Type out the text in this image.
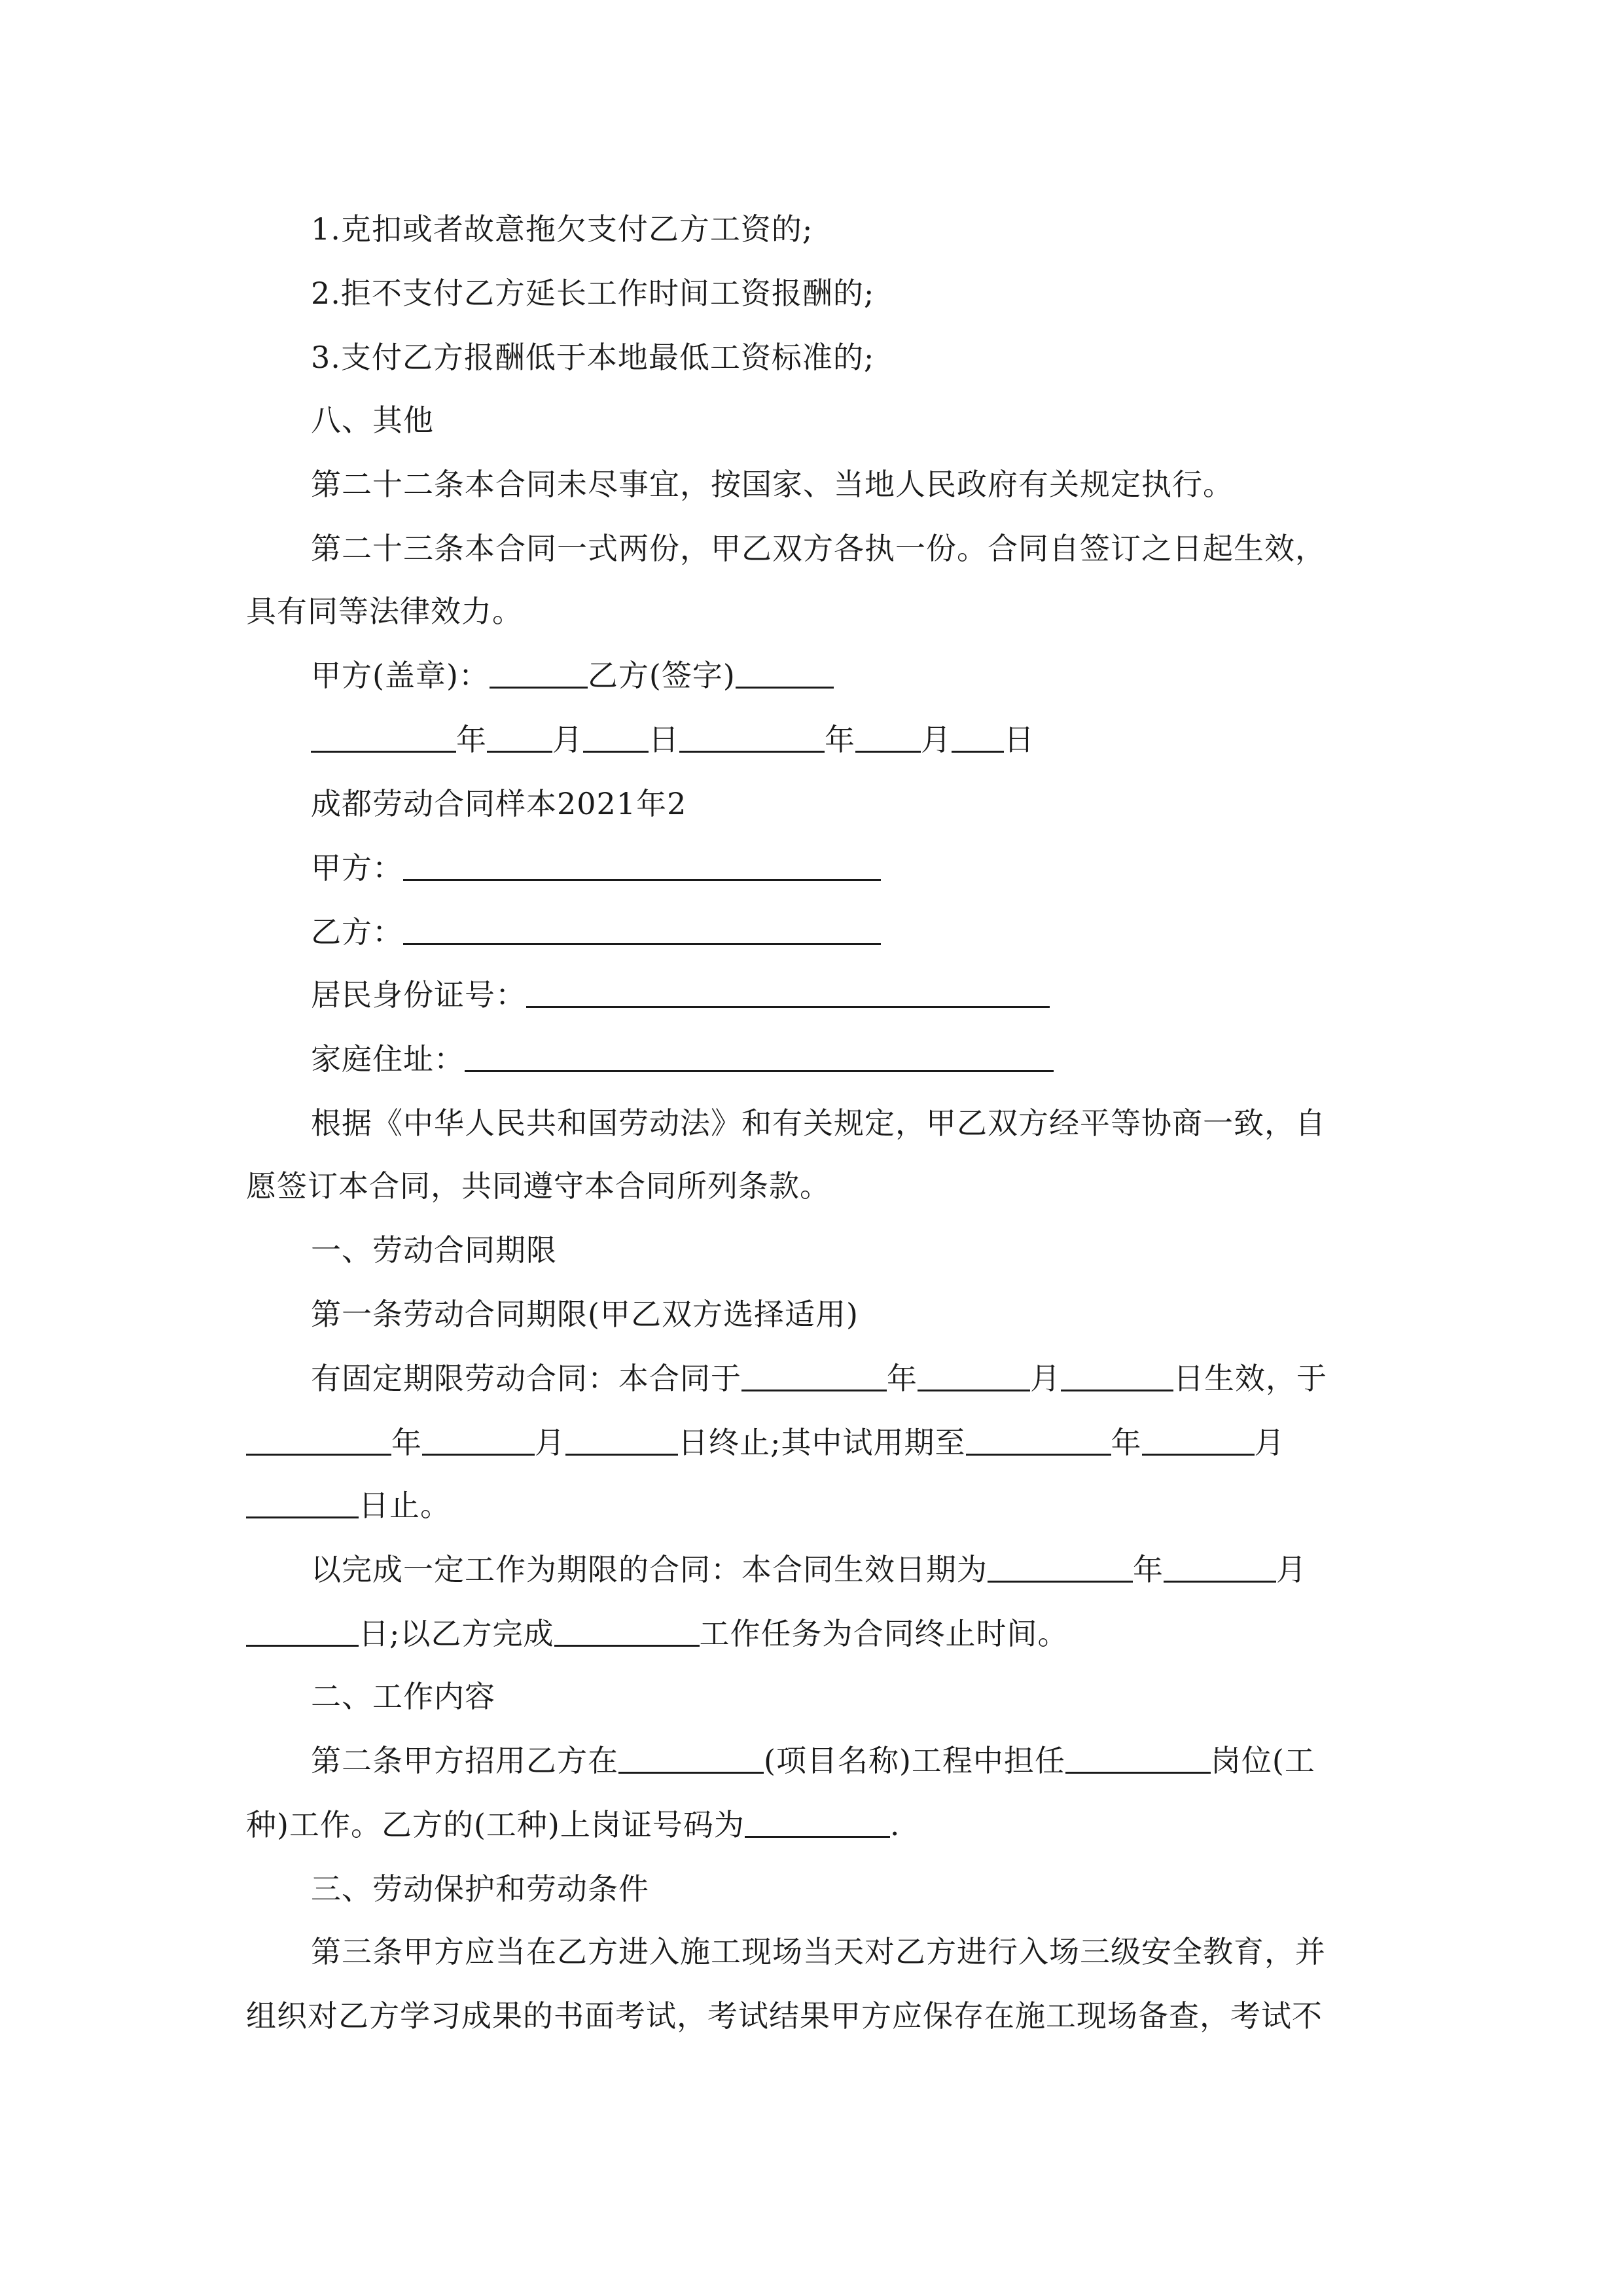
1.克扣或者故意拖欠支付乙方工资的;
2.拒不支付乙方延长工作时间工资报酬的;
3.支付乙方报酬低于本地最低工资标准的;
八、其他
第二十二条本合同未尽事宜，按国家、当地人民政府有关规定执行。
第二十三条本合同一式两份，甲乙双方各执一份。合同自签订之日起生效，
具有同等法律效力。
甲方(盖章)：	乙方(签字)
年 月 日	年 月 日
成都劳动合同样本2021年2
甲方：
乙方：
居民身份证号：
家庭住址：
根据《中华人民共和国劳动法》和有关规定，甲乙双方经平等协商一致，自
愿签订本合同，共同遵守本合同所列条款。
一、劳动合同期限
第一条劳动合同期限(甲乙双方选择适用)
有固定期限劳动合同：本合同于	年	月	日生效，于
年	月	日终止;其中试用期至	年	月
日止。
以完成一定工作为期限的合同：本合同生效日期为	年	月
日;以乙方完成	工作任务为合同终止时间。
二、工作内容
第二条甲方招用乙方在	(项目名称)工程中担任	岗位(工
种)工作。乙方的(工种)上岗证号码为	.
三、劳动保护和劳动条件
第三条甲方应当在乙方进入施工现场当天对乙方进行入场三级安全教育，并
组织对乙方学习成果的书面考试，考试结果甲方应保存在施工现场备查，考试不
